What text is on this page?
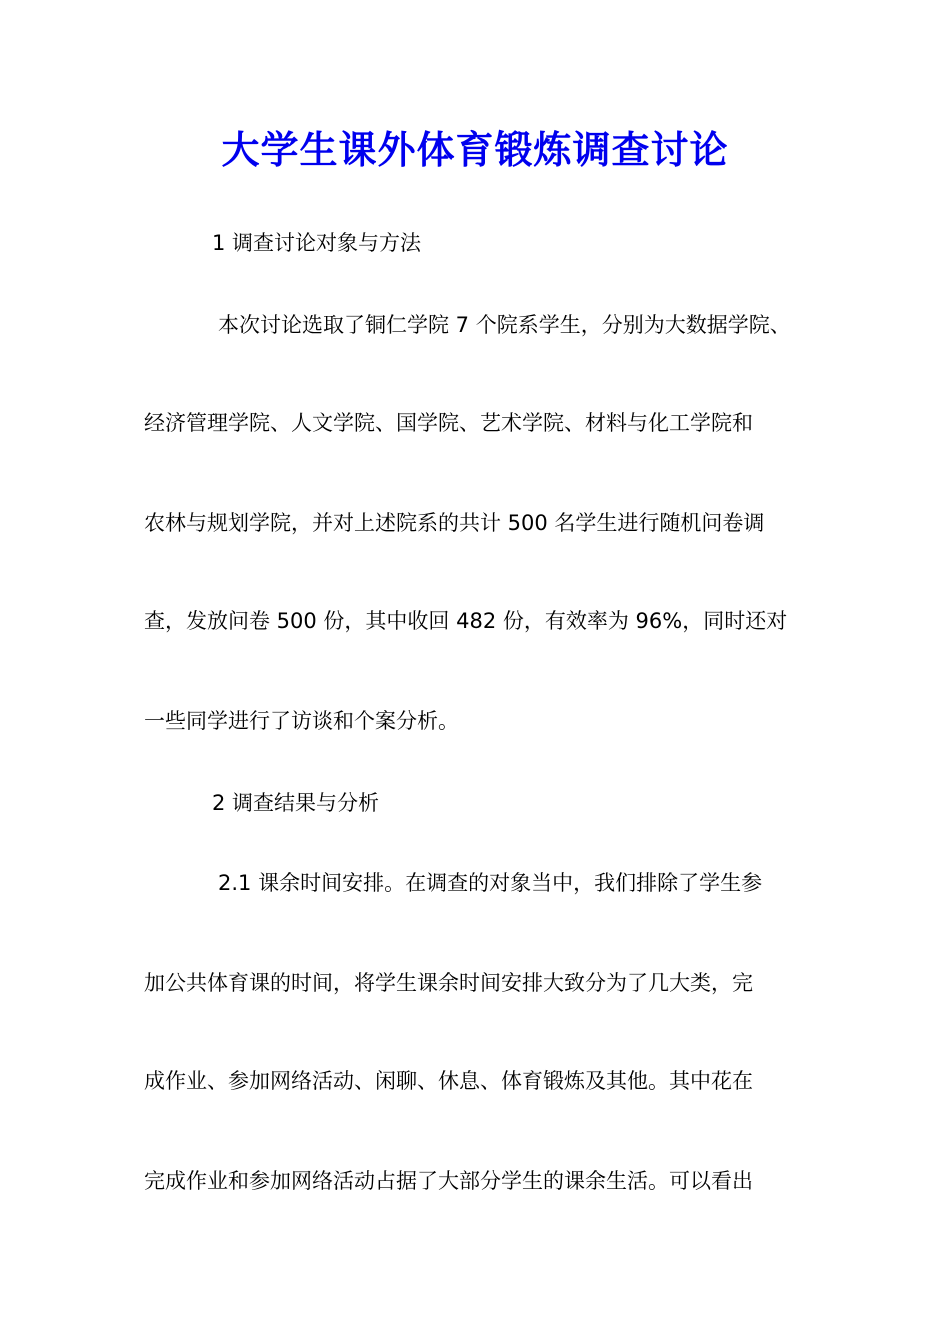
大学生课外体育锻炼调查讨论
1 调查讨论对象与方法
本次讨论选取了铜仁学院 7 个院系学生，分别为大数据学院、
经济管理学院、人文学院、国学院、艺术学院、材料与化工学院和
农林与规划学院，并对上述院系的共计 500 名学生进行随机问卷调
查，发放问卷 500 份，其中收回 482 份，有效率为 96%，同时还对
一些同学进行了访谈和个案分析。
2 调查结果与分析
2.1 课余时间安排。在调查的对象当中，我们排除了学生参
加公共体育课的时间，将学生课余时间安排大致分为了几大类，完
成作业、参加网络活动、闲聊、休息、体育锻炼及其他。其中花在
完成作业和参加网络活动占据了大部分学生的课余生活。可以看出
